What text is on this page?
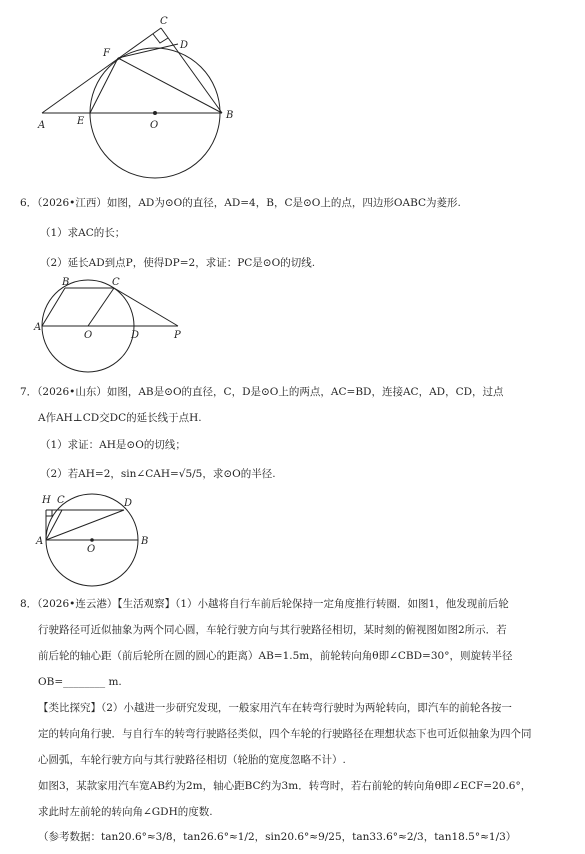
C
D
F
A	E	O
B
6．（2026•江西）如图，AD为⊙O的直径，AD=4，B，C是⊙O上的点，四边形OABC为菱形.
（1）求AC的长；
（2）延长AD到点P，使得DP=2，求证：PC是⊙O的切线.
B	C
A
O	D	P
7．（2026•山东）如图，AB是⊙O的直径，C，D是⊙O上的两点，AC=BD，连接AC，AD，CD，过点
A作AH⊥CD交DC的延长线于点H.
（1）求证：AH是⊙O的切线；
（2）若AH=2，sin∠CAH=√5/5，求⊙O的半径.
H C	D
A
O
B
8．（2026•连云港）【生活观察】（1）小越将自行车前后轮保持一定角度推行转圈．如图1，他发现前后轮
行驶路径可近似抽象为两个同心圆，车轮行驶方向与其行驶路径相切，某时刻的俯视图如图2所示．若
前后轮的轴心距（前后轮所在圆的圆心的距离）AB=1.5m，前轮转向角θ即∠CBD=30°，则旋转半径
OB=________ m.
【类比探究】（2）小越进一步研究发现，一般家用汽车在转弯行驶时为两轮转向，即汽车的前轮各按一
定的转向角行驶．与自行车的转弯行驶路径类似，四个车轮的行驶路径在理想状态下也可近似抽象为四个同
心圆弧，车轮行驶方向与其行驶路径相切（轮胎的宽度忽略不计）.
如图3，某款家用汽车宽AB约为2m，轴心距BC约为3m．转弯时，若右前轮的转向角θ即∠ECF=20.6°，
求此时左前轮的转向角∠GDH的度数.
（参考数据：tan20.6°≈3/8，tan26.6°≈1/2，sin20.6°≈9/25，tan33.6°≈2/3，tan18.5°≈1/3）
